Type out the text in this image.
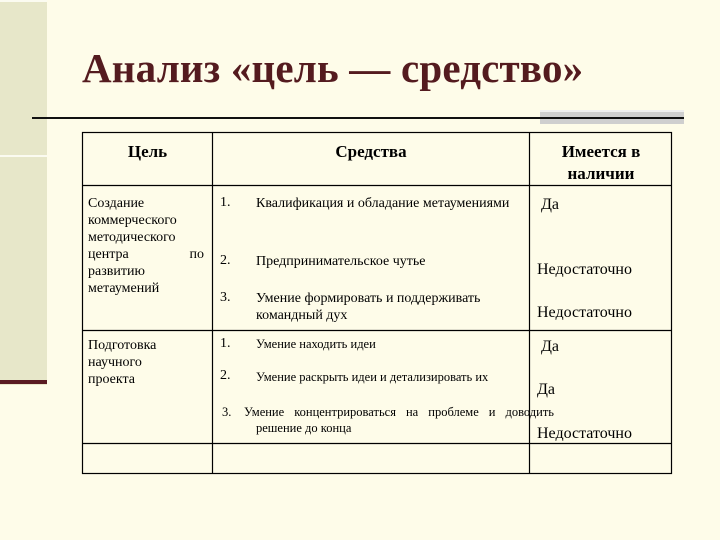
Анализ «цель — средство»
Цель	Средства	Имеется в наличии
Создание
коммерческого
методического
центра по
развитию
метаумений
1. Квалификация и обладание метаумениями
2. Предпринимательское чутье
3. Умение формировать и поддерживать командный дух
Да
Недостаточно
Недостаточно
Подготовка
научного
проекта
1. Умение находить идеи
2. Умение раскрыть идеи и детализировать их
3. Умение концентрироваться на проблеме и доводить решение до конца
Да
Да
Недостаточно
